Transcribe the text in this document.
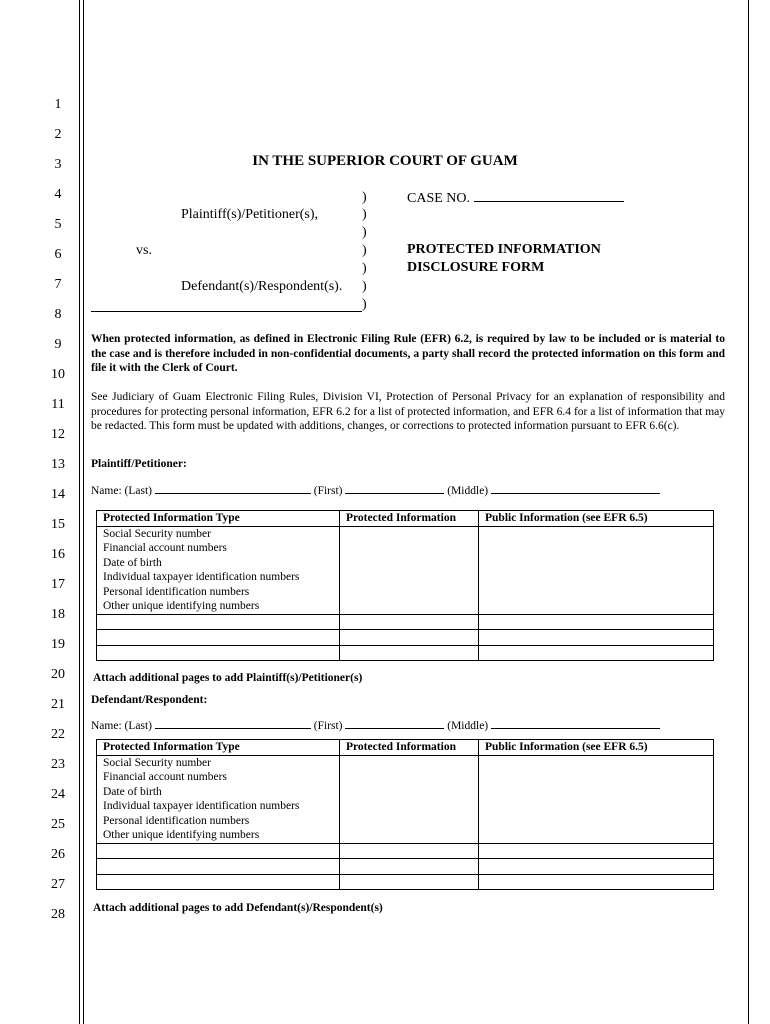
1
2
3
4
5
6
7
8
9
10
11
12
13
14
15
16
17
18
19
20
21
22
23
24
25
26
27
28
IN THE SUPERIOR COURT OF GUAM
Plaintiff(s)/Petitioner(s),
vs.
Defendant(s)/Respondent(s).
)
)
)
)
)
)
)
CASE NO.
PROTECTED INFORMATION
DISCLOSURE FORM
When protected information, as defined in Electronic Filing Rule (EFR) 6.2, is required by law to be included or is material to the case and is therefore included in non-confidential documents, a party shall record the protected information on this form and file it with the Clerk of Court.
See Judiciary of Guam Electronic Filing Rules, Division VI, Protection of Personal Privacy for an explanation of responsibility and procedures for protecting personal information, EFR 6.2 for a list of protected information, and EFR 6.4 for a list of information that may be redacted. This form must be updated with additions, changes, or corrections to protected information pursuant to EFR 6.6(c).
Plaintiff/Petitioner:
Name: (Last)	(First)	(Middle)
Protected Information Type	Protected Information	Public Information (see EFR 6.5)
Social Security number		
Financial account numbers		
Date of birth		
Individual taxpayer identification numbers		
Personal identification numbers		
Other unique identifying numbers		

Attach additional pages to add Plaintiff(s)/Petitioner(s)
Defendant/Respondent:
Name: (Last)	(First)	(Middle)
Protected Information Type	Protected Information	Public Information (see EFR 6.5)
Social Security number		
Financial account numbers		
Date of birth		
Individual taxpayer identification numbers		
Personal identification numbers		
Other unique identifying numbers		

Attach additional pages to add Defendant(s)/Respondent(s)
